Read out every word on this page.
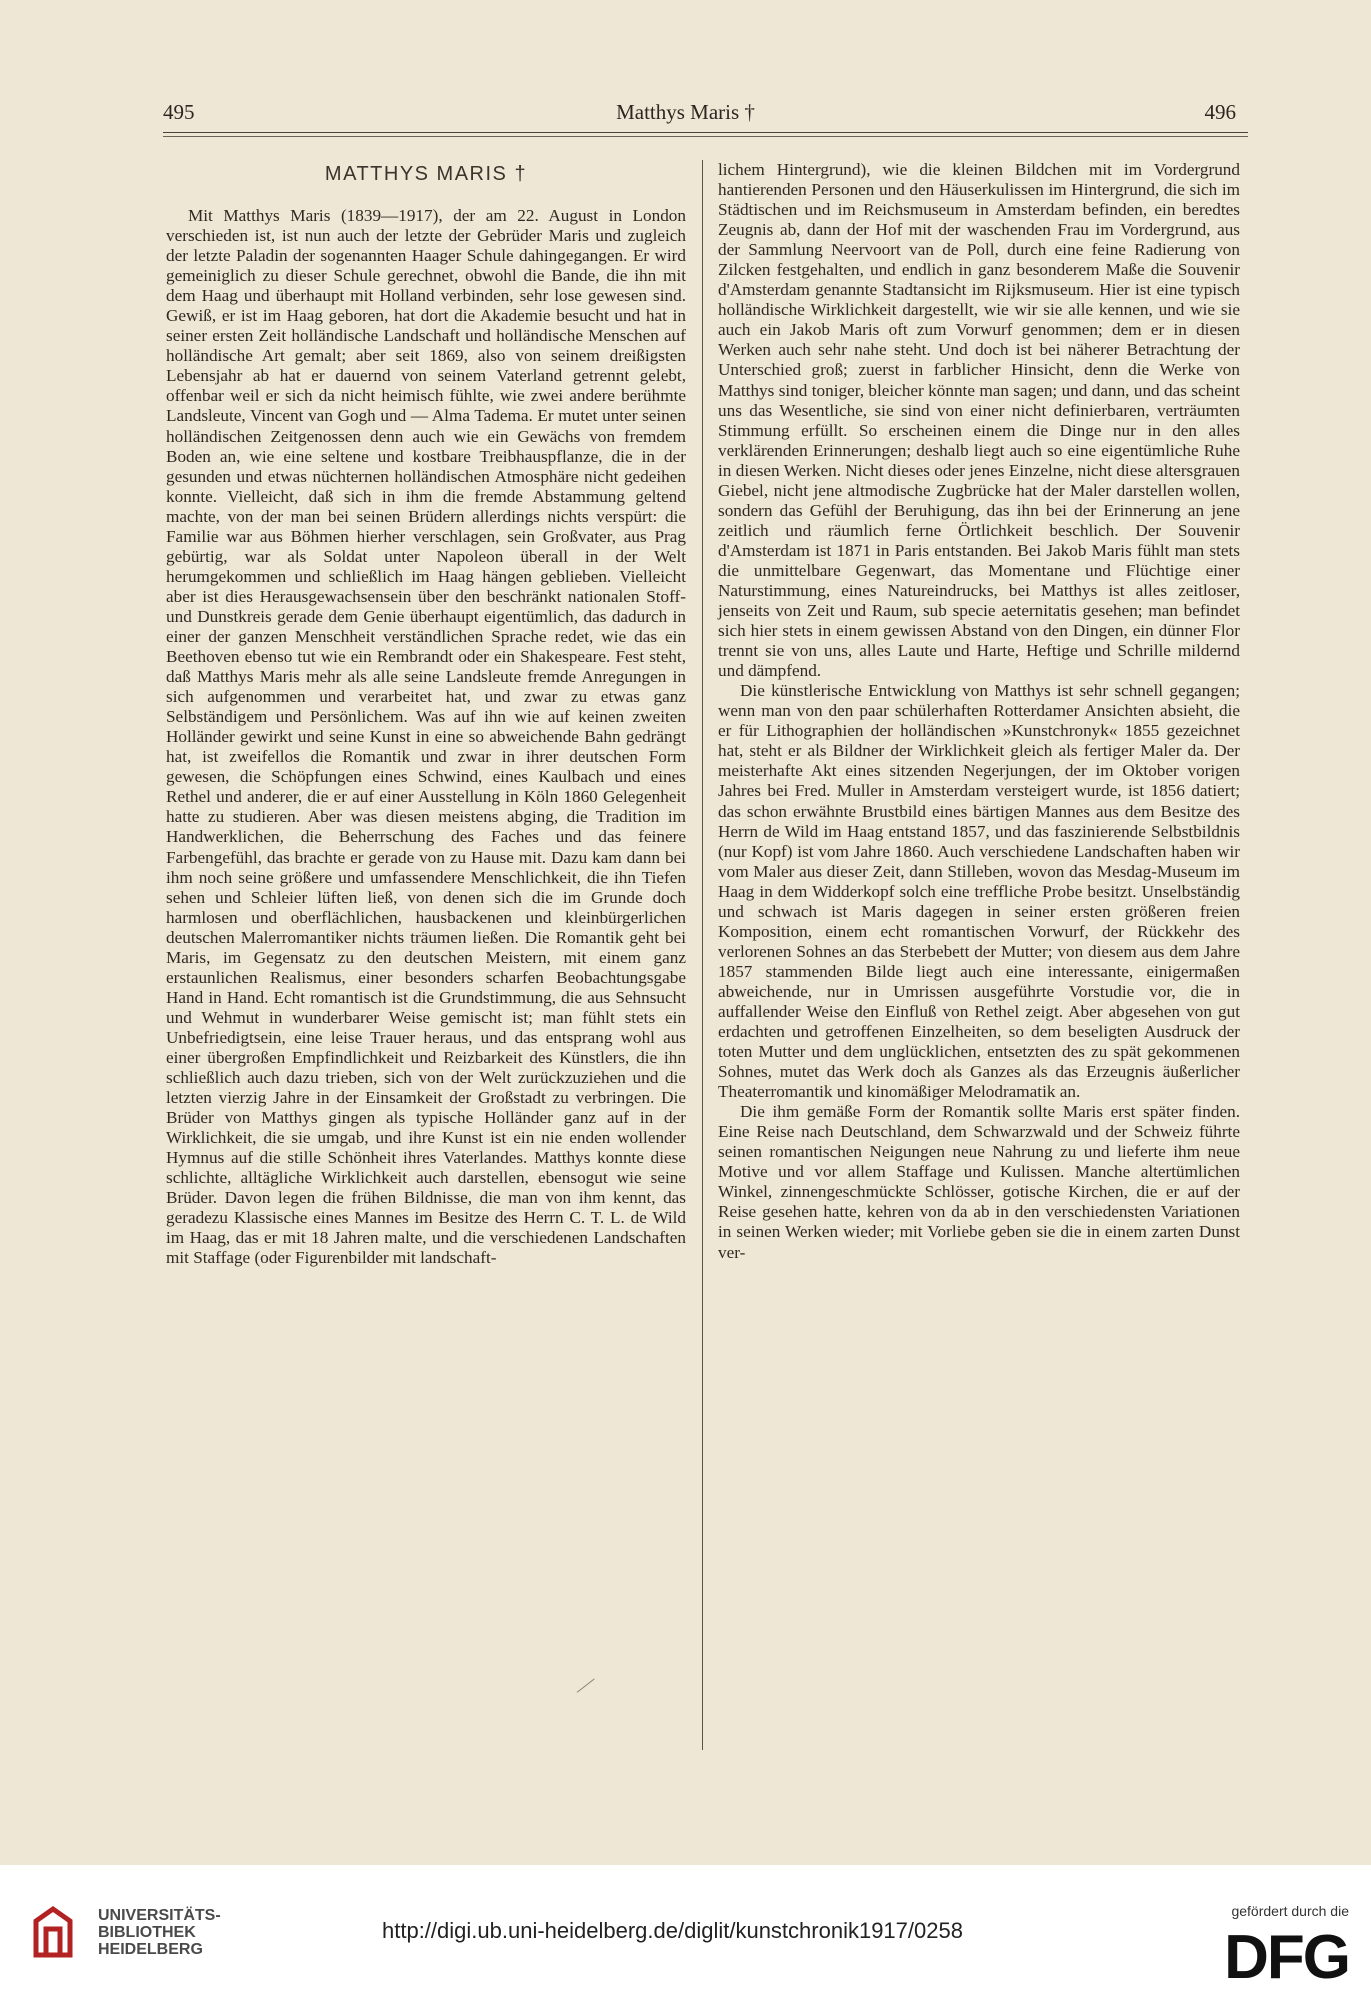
495	Matthys Maris †	496
MATTHYS MARIS †

Mit Matthys Maris (1839—1917), der am 22. August in London verschieden ist, ist nun auch der letzte der Gebrüder Maris und zugleich der letzte Paladin der sogenannten Haager Schule dahingegangen. Er wird gemeiniglich zu dieser Schule gerechnet, obwohl die Bande, die ihn mit dem Haag und überhaupt mit Holland verbinden, sehr lose gewesen sind. Gewiß, er ist im Haag geboren, hat dort die Akademie besucht und hat in seiner ersten Zeit holländische Landschaft und holländische Menschen auf holländische Art gemalt; aber seit 1869, also von seinem dreißigsten Lebensjahr ab hat er dauernd von seinem Vaterland getrennt gelebt, offenbar weil er sich da nicht heimisch fühlte, wie zwei andere berühmte Landsleute, Vincent van Gogh und — Alma Tadema. Er mutet unter seinen holländischen Zeitgenossen denn auch wie ein Gewächs von fremdem Boden an, wie eine seltene und kostbare Treibhauspflanze, die in der gesunden und etwas nüchternen holländischen Atmosphäre nicht gedeihen konnte. Vielleicht, daß sich in ihm die fremde Abstammung geltend machte, von der man bei seinen Brüdern allerdings nichts verspürt: die Familie war aus Böhmen hierher verschlagen, sein Großvater, aus Prag gebürtig, war als Soldat unter Napoleon überall in der Welt herumgekommen und schließlich im Haag hängen geblieben. Vielleicht aber ist dies Herausgewachsensein über den beschränkt nationalen Stoff- und Dunstkreis gerade dem Genie überhaupt eigentümlich, das dadurch in einer der ganzen Menschheit verständlichen Sprache redet, wie das ein Beethoven ebenso tut wie ein Rembrandt oder ein Shakespeare. Fest steht, daß Matthys Maris mehr als alle seine Landsleute fremde Anregungen in sich aufgenommen und verarbeitet hat, und zwar zu etwas ganz Selbständigem und Persönlichem. Was auf ihn wie auf keinen zweiten Holländer gewirkt und seine Kunst in eine so abweichende Bahn gedrängt hat, ist zweifellos die Romantik und zwar in ihrer deutschen Form gewesen, die Schöpfungen eines Schwind, eines Kaulbach und eines Rethel und anderer, die er auf einer Ausstellung in Köln 1860 Gelegenheit hatte zu studieren. Aber was diesen meistens abging, die Tradition im Handwerklichen, die Beherrschung des Faches und das feinere Farbengefühl, das brachte er gerade von zu Hause mit. Dazu kam dann bei ihm noch seine größere und umfassendere Menschlichkeit, die ihn Tiefen sehen und Schleier lüften ließ, von denen sich die im Grunde doch harmlosen und oberflächlichen, hausbackenen und kleinbürgerlichen deutschen Malerromantiker nichts träumen ließen. Die Romantik geht bei Maris, im Gegensatz zu den deutschen Meistern, mit einem ganz erstaunlichen Realismus, einer besonders scharfen Beobachtungsgabe Hand in Hand. Echt romantisch ist die Grundstimmung, die aus Sehnsucht und Wehmut in wunderbarer Weise gemischt ist; man fühlt stets ein Unbefriedigtsein, eine leise Trauer heraus, und das entsprang wohl aus einer übergroßen Empfindlichkeit und Reizbarkeit des Künstlers, die ihn schließlich auch dazu trieben, sich von der Welt zurückzuziehen und die letzten vierzig Jahre in der Einsamkeit der Großstadt zu verbringen. Die Brüder von Matthys gingen als typische Holländer ganz auf in der Wirklichkeit, die sie umgab, und ihre Kunst ist ein nie enden wollender Hymnus auf die stille Schönheit ihres Vaterlandes. Matthys konnte diese schlichte, alltägliche Wirklichkeit auch darstellen, ebensogut wie seine Brüder. Davon legen die frühen Bildnisse, die man von ihm kennt, das geradezu Klassische eines Mannes im Besitze des Herrn C. T. L. de Wild im Haag, das er mit 18 Jahren malte, und die verschiedenen Landschaften mit Staffage (oder Figurenbilder mit landschaft-

lichem Hintergrund), wie die kleinen Bildchen mit im Vordergrund hantierenden Personen und den Häuserkulissen im Hintergrund, die sich im Städtischen und im Reichsmuseum in Amsterdam befinden, ein beredtes Zeugnis ab, dann der Hof mit der waschenden Frau im Vordergrund, aus der Sammlung Neervoort van de Poll, durch eine feine Radierung von Zilcken festgehalten, und endlich in ganz besonderem Maße die Souvenir d'Amsterdam genannte Stadtansicht im Rijksmuseum. Hier ist eine typisch holländische Wirklichkeit dargestellt, wie wir sie alle kennen, und wie sie auch ein Jakob Maris oft zum Vorwurf genommen; dem er in diesen Werken auch sehr nahe steht. Und doch ist bei näherer Betrachtung der Unterschied groß; zuerst in farblicher Hinsicht, denn die Werke von Matthys sind toniger, bleicher könnte man sagen; und dann, und das scheint uns das Wesentliche, sie sind von einer nicht definierbaren, verträumten Stimmung erfüllt. So erscheinen einem die Dinge nur in den alles verklärenden Erinnerungen; deshalb liegt auch so eine eigentümliche Ruhe in diesen Werken. Nicht dieses oder jenes Einzelne, nicht diese altersgrauen Giebel, nicht jene altmodische Zugbrücke hat der Maler darstellen wollen, sondern das Gefühl der Beruhigung, das ihn bei der Erinnerung an jene zeitlich und räumlich ferne Örtlichkeit beschlich. Der Souvenir d'Amsterdam ist 1871 in Paris entstanden. Bei Jakob Maris fühlt man stets die unmittelbare Gegenwart, das Momentane und Flüchtige einer Naturstimmung, eines Natureindrucks, bei Matthys ist alles zeitloser, jenseits von Zeit und Raum, sub specie aeternitatis gesehen; man befindet sich hier stets in einem gewissen Abstand von den Dingen, ein dünner Flor trennt sie von uns, alles Laute und Harte, Heftige und Schrille mildernd und dämpfend.

Die künstlerische Entwicklung von Matthys ist sehr schnell gegangen; wenn man von den paar schülerhaften Rotterdamer Ansichten absieht, die er für Lithographien der holländischen »Kunstchronyk« 1855 gezeichnet hat, steht er als Bildner der Wirklichkeit gleich als fertiger Maler da. Der meisterhafte Akt eines sitzenden Negerjungen, der im Oktober vorigen Jahres bei Fred. Muller in Amsterdam versteigert wurde, ist 1856 datiert; das schon erwähnte Brustbild eines bärtigen Mannes aus dem Besitze des Herrn de Wild im Haag entstand 1857, und das faszinierende Selbstbildnis (nur Kopf) ist vom Jahre 1860. Auch verschiedene Landschaften haben wir vom Maler aus dieser Zeit, dann Stilleben, wovon das Mesdag-Museum im Haag in dem Widderkopf solch eine treffliche Probe besitzt. Unselbständig und schwach ist Maris dagegen in seiner ersten größeren freien Komposition, einem echt romantischen Vorwurf, der Rückkehr des verlorenen Sohnes an das Sterbebett der Mutter; von diesem aus dem Jahre 1857 stammenden Bilde liegt auch eine interessante, einigermaßen abweichende, nur in Umrissen ausgeführte Vorstudie vor, die in auffallender Weise den Einfluß von Rethel zeigt. Aber abgesehen von gut erdachten und getroffenen Einzelheiten, so dem beseligten Ausdruck der toten Mutter und dem unglücklichen, entsetzten des zu spät gekommenen Sohnes, mutet das Werk doch als Ganzes als das Erzeugnis äußerlicher Theaterromantik und kinomäßiger Melodramatik an.

Die ihm gemäße Form der Romantik sollte Maris erst später finden. Eine Reise nach Deutschland, dem Schwarzwald und der Schweiz führte seinen romantischen Neigungen neue Nahrung zu und lieferte ihm neue Motive und vor allem Staffage und Kulissen. Manche altertümlichen Winkel, zinnengeschmückte Schlösser, gotische Kirchen, die er auf der Reise gesehen hatte, kehren von da ab in den verschiedensten Variationen in seinen Werken wieder; mit Vorliebe geben sie die in einem zarten Dunst ver-

UNIVERSITÄTS-
BIBLIOTHEK
HEIDELBERG
http://digi.ub.uni-heidelberg.de/diglit/kunstchronik1917/0258
gefördert durch die
DFG
